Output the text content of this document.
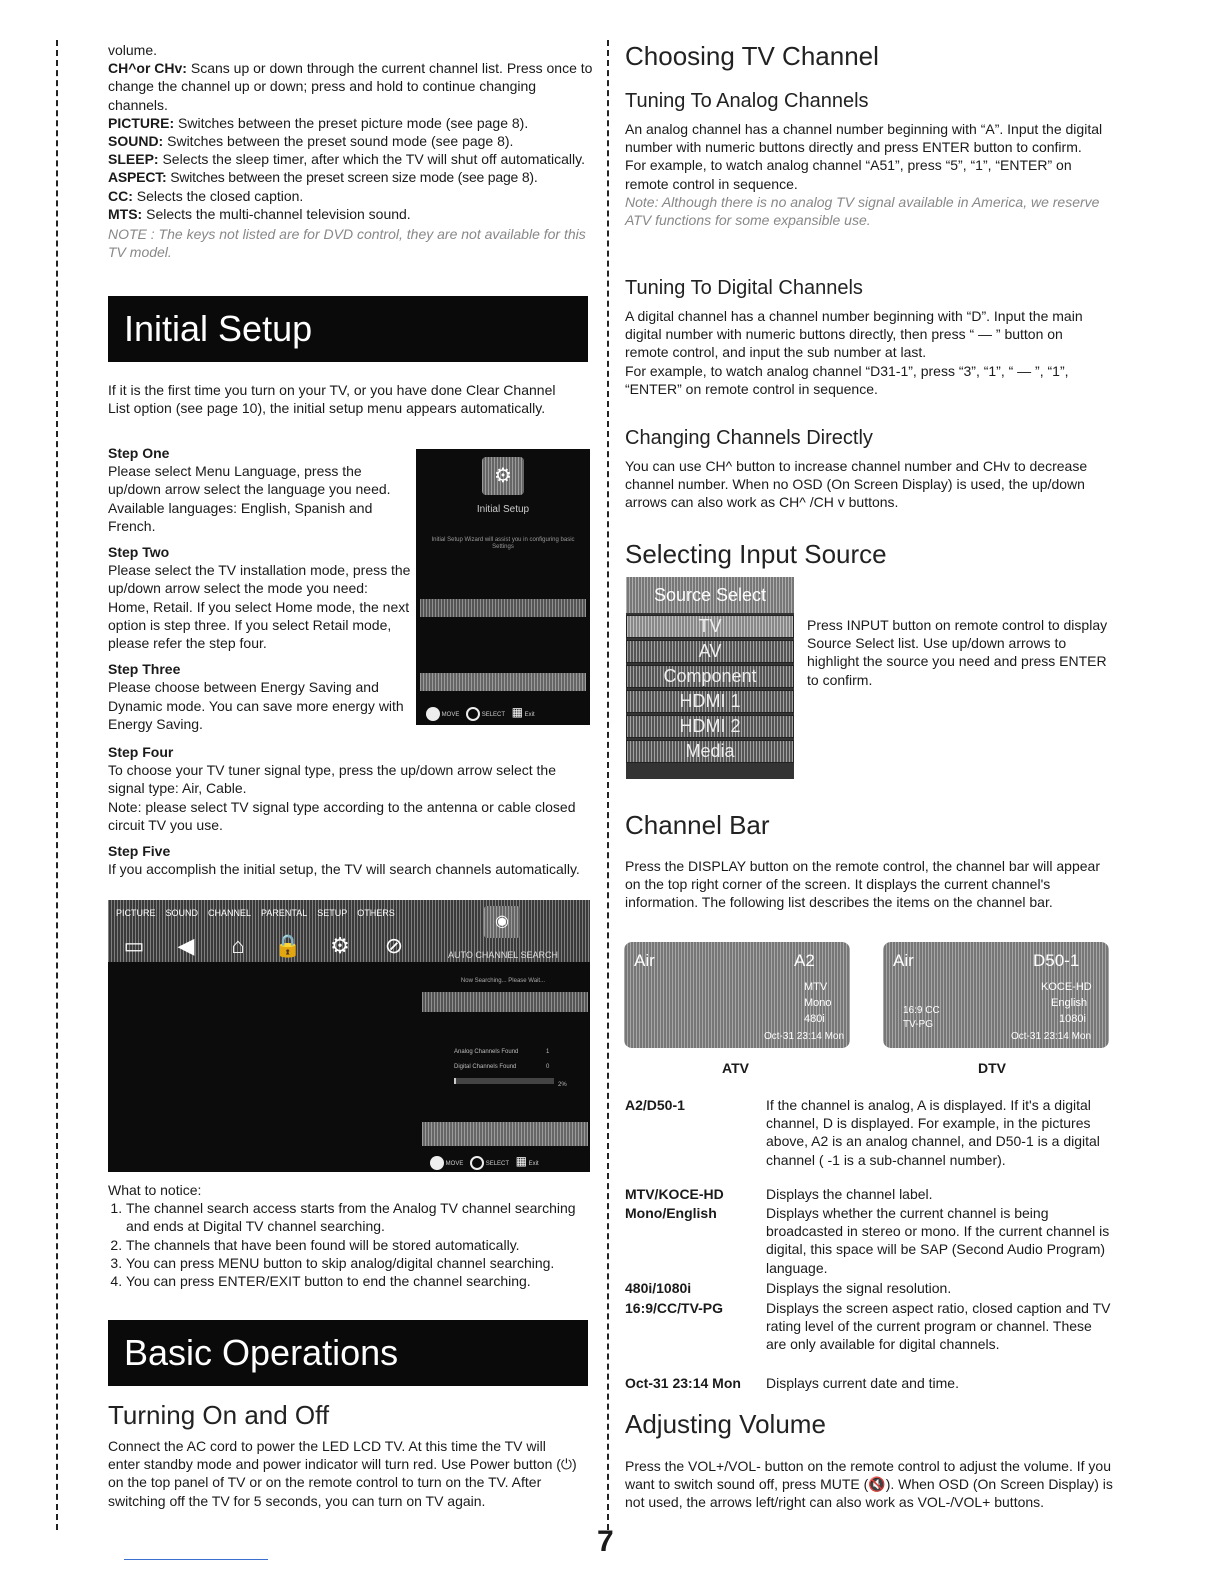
volume.
CH^or CHv: Scans up or down through the current channel list. Press once to change the channel up or down; press and hold to continue changing channels.
PICTURE: Switches between the preset picture mode (see page 8).
SOUND: Switches between the preset sound mode (see page 8).
SLEEP: Selects the sleep timer, after which the TV will shut off automatically.
ASPECT: Switches between the preset screen size mode (see page 8).
CC: Selects the closed caption.
MTS: Selects the multi-channel television sound.
NOTE : The keys not listed are for DVD control, they are not available for this TV model.
Initial Setup
If it is the first time you turn on your TV, or you have done Clear Channel List option (see page 10), the initial setup menu appears automatically.
Step One
Please select Menu Language, press the up/down arrow select the language you need. Available languages: English, Spanish and French.
Step Two
Please select the TV installation mode, press the up/down arrow select the mode you need: Home, Retail. If you select Home mode, the next option is step three. If you select Retail mode, please refer the step four.
Step Three
Please choose between Energy Saving and Dynamic mode. You can save more energy with Energy Saving.
⚙
Initial Setup
Initial Setup Wizard will assist you in configuring basic Settings
MOVE	SELECT ▦ Exit
Step Four
To choose your TV tuner signal type, press the up/down arrow select the signal type: Air, Cable.
Note: please select TV signal type according to the antenna or cable closed circuit TV you use.
Step Five
If you accomplish the initial setup, the TV will search channels automatically.
PICTURE SOUND CHANNEL PARENTAL SETUP OTHERS
▭ ◀	⌂	🔒 ⚙ ⊘
◉
AUTO CHANNEL SEARCH
Now Searching... Please Wait...
Analog Channels Found	1
Digital Channels Found	0
2%
MOVE	SELECT ▦ Exit
What to notice:
1. The channel search access starts from the Analog TV channel searching and ends at Digital TV channel searching.
2. The channels that have been found will be stored automatically.
3. You can press MENU button to skip analog/digital channel searching.
4. You can press ENTER/EXIT button to end the channel searching.
Basic Operations
Turning On and Off
Connect the AC cord to power the LED LCD TV. At this time the TV will enter standby mode and power indicator will turn red. Use Power button (⏻) on the top panel of TV or on the remote control to turn on the TV. After switching off the TV for 5 seconds, you can turn on TV again.
Choosing TV Channel
Tuning To Analog Channels
An analog channel has a channel number beginning with “A”. Input the digital number with numeric buttons directly and press ENTER button to confirm.
For example, to watch analog channel “A51”, press “5”, “1”, “ENTER” on remote control in sequence.
Note: Although there is no analog TV signal available in America, we reserve ATV functions for some expansible use.
Tuning To Digital Channels
A digital channel has a channel number beginning with “D”. Input the main digital number with numeric buttons directly, then press “ — ” button on remote control, and input the sub number at last.
For example, to watch analog channel “D31-1”, press “3”, “1”, “ — ”, “1”, “ENTER” on remote control in sequence.
Changing Channels Directly
You can use CH^ button to increase channel number and CHv to decrease channel number. When no OSD (On Screen Display) is used, the up/down arrows can also work as CH^ /CH v buttons.
Selecting Input Source
Source Select
TV
AV
Component
HDMI 1
HDMI 2
Media
Press INPUT button on remote control to display Source Select list. Use up/down arrows to highlight the source you need and press ENTER to confirm.
Channel Bar
Press the DISPLAY button on the remote control, the channel bar will appear on the top right corner of the screen. It displays the current channel's information. The following list describes the items on the channel bar.
Air	A2
MTV
Mono
480i
Oct-31 23:14 Mon
ATV
Air	D50-1
KOCE-HD
English
1080i
16:9 CC
TV-PG
Oct-31 23:14 Mon
DTV
A2/D50-1	If the channel is analog, A is displayed. If it's a digital channel, D is displayed. For example, in the pictures above, A2 is an analog channel, and D50-1 is a digital channel ( -1 is a sub-channel number).
MTV/KOCE-HD	Displays the channel label.
Mono/English	Displays whether the current channel is being broadcasted in stereo or mono. If the current channel is digital, this space will be SAP (Second Audio Program) language.
480i/1080i	Displays the signal resolution.
16:9/CC/TV-PG	Displays the screen aspect ratio, closed caption and TV rating level of the current program or channel. These are only available for digital channels.
Oct-31 23:14 Mon Displays current date and time.
Adjusting Volume
Press the VOL+/VOL- button on the remote control to adjust the volume. If you want to switch sound off, press MUTE (🔇). When OSD (On Screen Display) is not used, the arrows left/right can also work as VOL-/VOL+ buttons.
7
